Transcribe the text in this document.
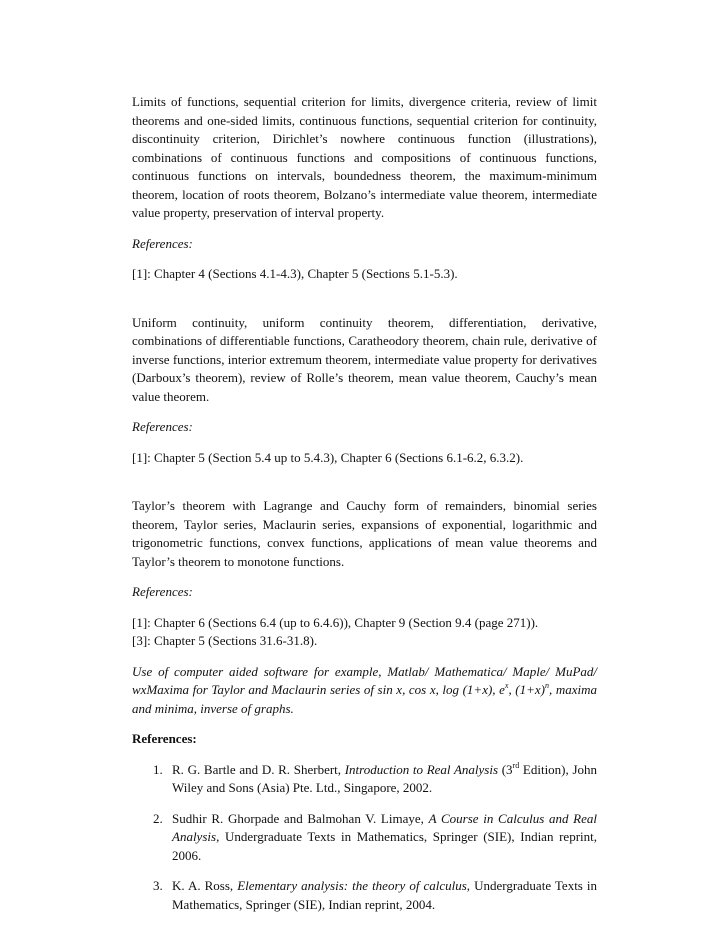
Limits of functions, sequential criterion for limits, divergence criteria, review of limit theorems and one-sided limits, continuous functions, sequential criterion for continuity, discontinuity criterion, Dirichlet’s nowhere continuous function (illustrations), combinations of continuous functions and compositions of continuous functions, continuous functions on intervals, boundedness theorem, the maximum-minimum theorem, location of roots theorem, Bolzano’s intermediate value theorem, intermediate value property, preservation of interval property.

References:

[1]: Chapter 4 (Sections 4.1-4.3), Chapter 5 (Sections 5.1-5.3).

Uniform continuity, uniform continuity theorem, differentiation, derivative, combinations of differentiable functions, Caratheodory theorem, chain rule, derivative of inverse functions, interior extremum theorem, intermediate value property for derivatives (Darboux’s theorem), review of Rolle’s theorem, mean value theorem, Cauchy’s mean value theorem.

References:

[1]: Chapter 5 (Section 5.4 up to 5.4.3), Chapter 6 (Sections 6.1-6.2, 6.3.2).

Taylor’s theorem with Lagrange and Cauchy form of remainders, binomial series theorem, Taylor series, Maclaurin series, expansions of exponential, logarithmic and trigonometric functions, convex functions, applications of mean value theorems and Taylor’s theorem to monotone functions.

References:

[1]: Chapter 6 (Sections 6.4 (up to 6.4.6)), Chapter 9 (Section 9.4 (page 271)).

[3]: Chapter 5 (Sections 31.6-31.8).

Use of computer aided software for example, Matlab/ Mathematica/ Maple/ MuPad/ wxMaxima for Taylor and Maclaurin series of sin x, cos x, log (1+x), $e^x$, $(1+x)^n$, maxima and minima, inverse of graphs.

References:

1. R. G. Bartle and D. R. Sherbert, Introduction to Real Analysis (3rd Edition), John Wiley and Sons (Asia) Pte. Ltd., Singapore, 2002.
2. Sudhir R. Ghorpade and Balmohan V. Limaye, A Course in Calculus and Real Analysis, Undergraduate Texts in Mathematics, Springer (SIE), Indian reprint, 2006.
3. K. A. Ross, Elementary analysis: the theory of calculus, Undergraduate Texts in Mathematics, Springer (SIE), Indian reprint, 2004.
